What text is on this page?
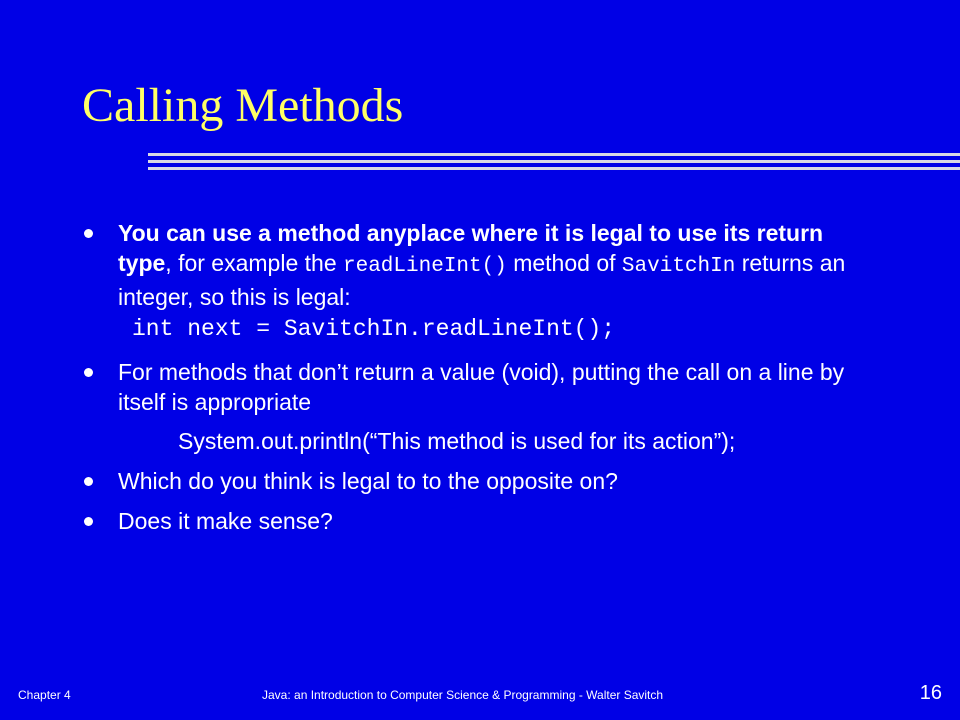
Calling Methods
You can use a method anyplace where it is legal to use its return type, for example the readLineInt() method of SavitchIn returns an integer, so this is legal:
int next = SavitchIn.readLineInt();
For methods that don’t return a value (void), putting the call on a line by itself is appropriate
System.out.println(“This method is used for its action”);
Which do you think is legal to to the opposite on?
Does it make sense?
Chapter 4	Java: an Introduction to Computer Science & Programming - Walter Savitch	16
